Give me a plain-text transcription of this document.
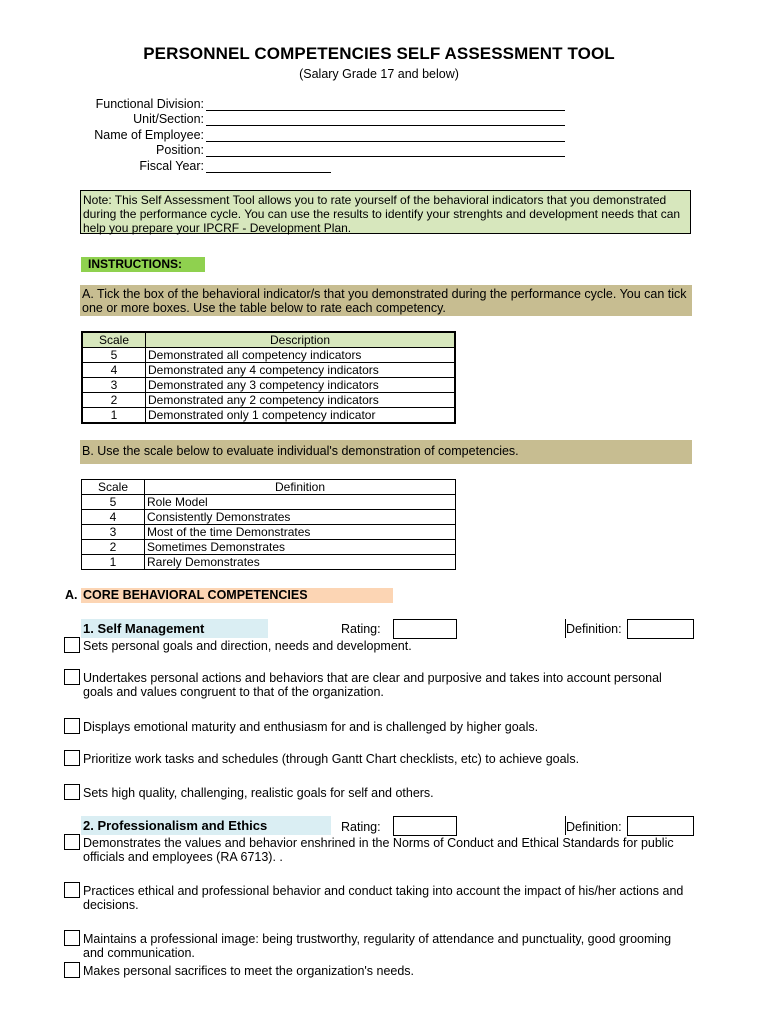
PERSONNEL COMPETENCIES SELF ASSESSMENT TOOL
(Salary Grade 17 and below)
Functional Division:
Unit/Section:
Name of Employee:
Position:
Fiscal Year:
Note: This Self Assessment Tool allows you to rate yourself of the behavioral indicators that you demonstrated during the performance cycle. You can use the results to identify your strenghts and development needs that can help you prepare your IPCRF - Development Plan.
INSTRUCTIONS:
A. Tick the box of the behavioral indicator/s that you demonstrated during the performance cycle. You can tick one or more boxes. Use the table below to rate each competency.
Scale	Description
5	Demonstrated all competency indicators
4	Demonstrated any 4 competency indicators
3	Demonstrated any 3 competency indicators
2	Demonstrated any 2 competency indicators
1	Demonstrated only 1 competency indicator
B. Use the scale below to evaluate individual's demonstration of competencies.
Scale	Definition
5	Role Model
4	Consistently Demonstrates
3	Most of the time Demonstrates
2	Sometimes Demonstrates
1	Rarely Demonstrates
A. CORE BEHAVIORAL COMPETENCIES
1. Self Management	Rating:	Definition:
Sets personal goals and direction, needs and development.
Undertakes personal actions and behaviors that are clear and purposive and takes into account personal goals and values congruent to that of the organization.
Displays emotional maturity and enthusiasm for and is challenged by higher goals.
Prioritize work tasks and schedules (through Gantt Chart checklists, etc) to achieve goals.
Sets high quality, challenging, realistic goals for self and others.
2. Professionalism and Ethics	Rating:	Definition:
Demonstrates the values and behavior enshrined in the Norms of Conduct and Ethical Standards for public officials and employees (RA 6713). .
Practices ethical and professional behavior and conduct taking into account the impact of his/her actions and decisions.
Maintains a professional image: being trustworthy, regularity of attendance and punctuality, good grooming and communication.
Makes personal sacrifices to meet the organization's needs.
